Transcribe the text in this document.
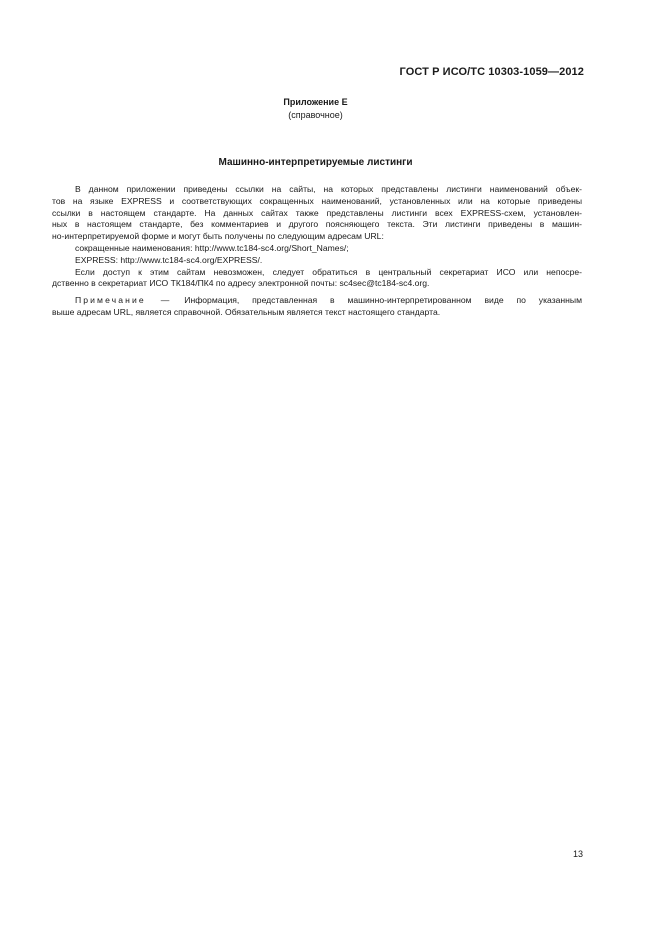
ГОСТ Р ИСО/ТС 10303-1059—2012
Приложение Е
(справочное)
Машинно-интерпретируемые листинги

В данном приложении приведены ссылки на сайты, на которых представлены листинги наименований объек-
тов на языке EXPRESS и соответствующих сокращенных наименований, установленных или на которые приведены
ссылки в настоящем стандарте. На данных сайтах также представлены листинги всех EXPRESS-схем, установлен-
ных в настоящем стандарте, без комментариев и другого поясняющего текста. Эти листинги приведены в машин-
но-интерпретируемой форме и могут быть получены по следующим адресам URL:

сокращенные наименования: http://www.tc184-sc4.org/Short_Names/;
EXPRESS: http://www.tc184-sc4.org/EXPRESS/.

Если доступ к этим сайтам невозможен, следует обратиться в центральный секретариат ИСО или непосре-
дственно в секретариат ИСО ТК184/ПК4 по адресу электронной почты: sc4sec@tc184-sc4.org.

Примечание — Информация, представленная в машинно-интерпретированном виде по указанным
выше адресам URL, является справочной. Обязательным является текст настоящего стандарта.

13
